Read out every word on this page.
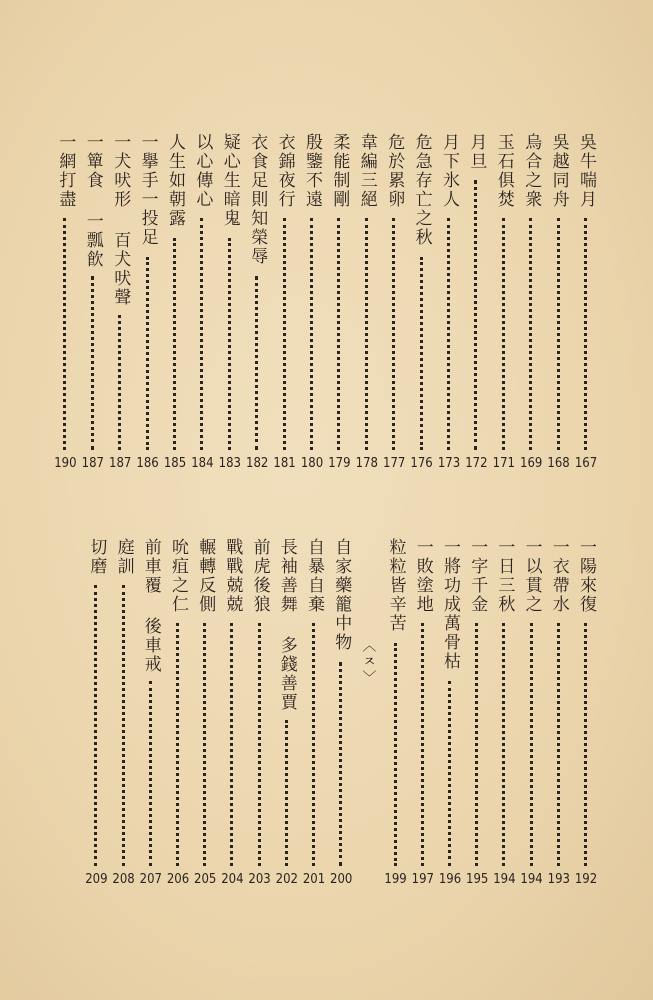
吳牛喘月
167
吳越同舟
168
烏合之衆
169
玉石俱焚
171
月旦
172
月下氷人
173
危急存亡之秋
176
危於累卵
177
韋編三絕
178
柔能制剛
179
殷鑒不遠
180
衣錦夜行
181
衣食足則知榮辱
182
疑心生暗鬼
183
以心傳心
184
人生如朝露
185
一擧手一投足
186
一犬吠形 百犬吠聲
187
一簞食 一瓢飮
187
一網打盡
190
一陽來復
192
一衣帶水
193
一以貫之
194
一日三秋
194
一字千金
195
一將功成萬骨枯
196
一敗塗地
197
粒粒皆辛苦
199
〈ㅈ〉
自家藥籠中物
200
自暴自棄
201
長袖善舞 多錢善賈
202
前虎後狼
203
戰戰兢兢
204
輾轉反側
205
吮疽之仁
206
前車覆 後車戒
207
庭訓
208
切磨
209
